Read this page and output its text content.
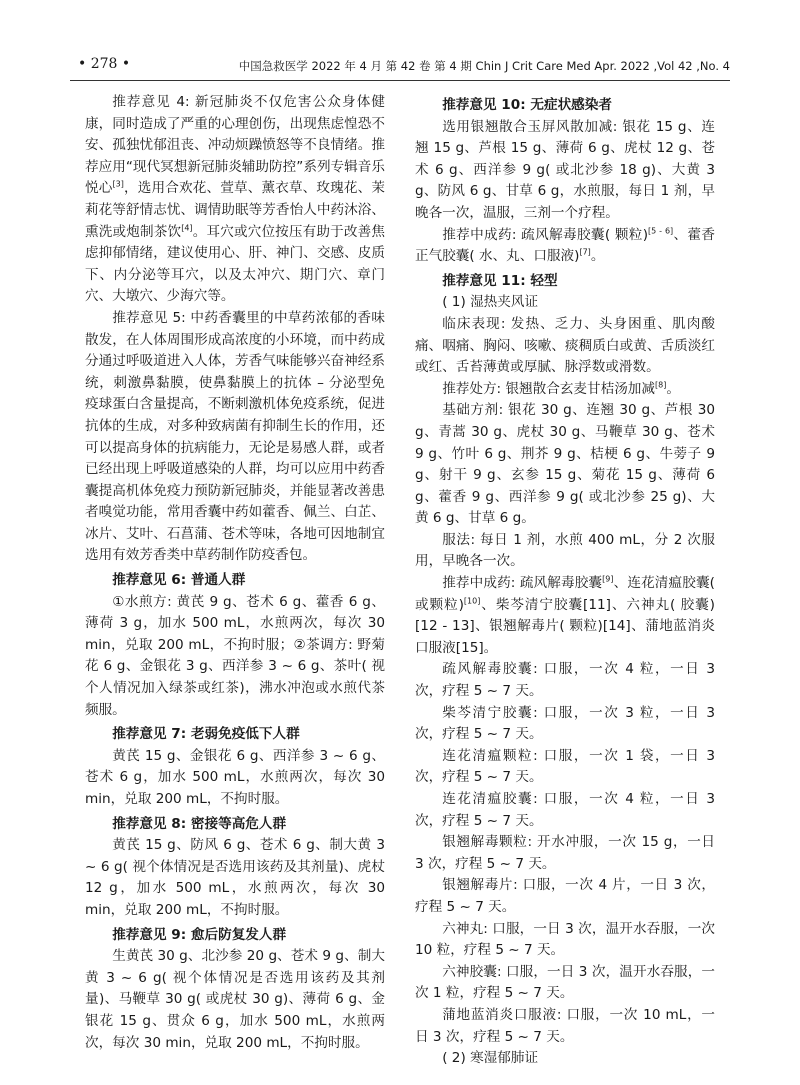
• 278 •	中国急救医学 2022 年 4 月 第 42 卷 第 4 期 Chin J Crit Care Med Apr. 2022 ,Vol 42 ,No. 4

推荐意见 4: 新冠肺炎不仅危害公众身体健康，同时造成了严重的心理创伤，出现焦虑惶恐不安、孤独忧郁沮丧、冲动烦躁愤怒等不良情绪。推荐应用“现代冥想新冠肺炎辅助防控”系列专辑音乐悦心[3]，选用合欢花、萱草、薰衣草、玫瑰花、茉莉花等舒情志忧、调情助眠等芳香怡人中药沐浴、熏洗或炮制茶饮[4]。耳穴或穴位按压有助于改善焦虑抑郁情绪，建议使用心、肝、神门、交感、皮质下、内分泌等耳穴，以及太冲穴、期门穴、章门穴、大墩穴、少海穴等。

推荐意见 5: 中药香囊里的中草药浓郁的香味散发，在人体周围形成高浓度的小环境，而中药成分通过呼吸道进入人体，芳香气味能够兴奋神经系统，刺激鼻黏膜，使鼻黏膜上的抗体 – 分泌型免疫球蛋白含量提高，不断刺激机体免疫系统，促进抗体的生成，对多种致病菌有抑制生长的作用，还可以提高身体的抗病能力，无论是易感人群，或者已经出现上呼吸道感染的人群，均可以应用中药香囊提高机体免疫力预防新冠肺炎，并能显著改善患者嗅觉功能，常用香囊中药如藿香、佩兰、白芷、冰片、艾叶、石菖蒲、苍术等味，各地可因地制宜选用有效芳香类中草药制作防疫香包。

推荐意见 6: 普通人群

①水煎方: 黄芪 9 g、苍术 6 g、藿香 6 g、薄荷 3 g，加水 500 mL，水煎两次，每次 30 min，兑取 200 mL，不拘时服；②茶调方: 野菊花 6 g、金银花 3 g、西洋参 3 ~ 6 g、茶叶( 视个人情况加入绿茶或红茶)，沸水冲泡或水煎代茶频服。

推荐意见 7: 老弱免疫低下人群

黄芪 15 g、金银花 6 g、西洋参 3 ~ 6 g、苍术 6 g，加水 500 mL，水煎两次，每次 30 min，兑取 200 mL，不拘时服。

推荐意见 8: 密接等高危人群

黄芪 15 g、防风 6 g、苍术 6 g、制大黄 3 ~ 6 g( 视个体情况是否选用该药及其剂量)、虎杖 12 g，加水 500 mL，水煎两次，每次 30 min，兑取 200 mL，不拘时服。

推荐意见 9: 愈后防复发人群

生黄芪 30 g、北沙参 20 g、苍术 9 g、制大黄 3 ~ 6 g( 视个体情况是否选用该药及其剂量)、马鞭草 30 g( 或虎杖 30 g)、薄荷 6 g、金银花 15 g、贯众 6 g，加水 500 mL，水煎两次，每次 30 min，兑取 200 mL，不拘时服。

推荐意见 10: 无症状感染者

选用银翘散合玉屏风散加减: 银花 15 g、连翘 15 g、芦根 15 g、薄荷 6 g、虎杖 12 g、苍术 6 g、西洋参 9 g( 或北沙参 18 g)、大黄 3 g、防风 6 g、甘草 6 g，水煎服，每日 1 剂，早晚各一次，温服，三剂一个疗程。

推荐中成药: 疏风解毒胶囊( 颗粒)[5 - 6]、藿香正气胶囊( 水、丸、口服液)[7]。

推荐意见 11: 轻型

( 1) 湿热夹风证

临床表现: 发热、乏力、头身困重、肌肉酸痛、咽痛、胸闷、咳嗽、痰稠质白或黄、舌质淡红或红、舌苔薄黄或厚腻、脉浮数或滑数。

推荐处方: 银翘散合玄麦甘桔汤加减[8]。

基础方剂: 银花 30 g、连翘 30 g、芦根 30 g、青蒿 30 g、虎杖 30 g、马鞭草 30 g、苍术 9 g、竹叶 6 g、荆芥 9 g、桔梗 6 g、牛蒡子 9 g、射干 9 g、玄参 15 g、菊花 15 g、薄荷 6 g、藿香 9 g、西洋参 9 g( 或北沙参 25 g)、大黄 6 g、甘草 6 g。

服法: 每日 1 剂，水煎 400 mL，分 2 次服用，早晚各一次。

推荐中成药: 疏风解毒胶囊[9]、连花清瘟胶囊( 或颗粒)[10]、柴芩清宁胶囊[11]、六神丸( 胶囊)[12 - 13]、银翘解毒片( 颗粒)[14]、蒲地蓝消炎口服液[15]。

疏风解毒胶囊: 口服，一次 4 粒，一日 3 次，疗程 5 ~ 7 天。

柴芩清宁胶囊: 口服，一次 3 粒，一日 3 次，疗程 5 ~ 7 天。

连花清瘟颗粒: 口服，一次 1 袋，一日 3 次，疗程 5 ~ 7 天。

连花清瘟胶囊: 口服，一次 4 粒，一日 3 次，疗程 5 ~ 7 天。

银翘解毒颗粒: 开水冲服，一次 15 g，一日 3 次，疗程 5 ~ 7 天。

银翘解毒片: 口服，一次 4 片，一日 3 次，疗程 5 ~ 7 天。

六神丸: 口服，一日 3 次，温开水吞服，一次 10 粒，疗程 5 ~ 7 天。

六神胶囊: 口服，一日 3 次，温开水吞服，一次 1 粒，疗程 5 ~ 7 天。

蒲地蓝消炎口服液: 口服，一次 10 mL，一日 3 次，疗程 5 ~ 7 天。

( 2) 寒湿郁肺证
